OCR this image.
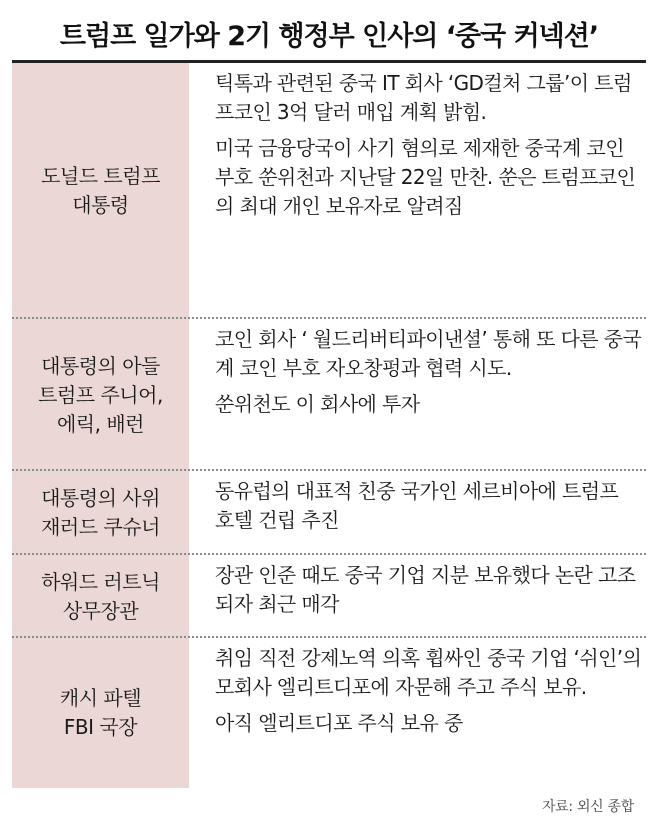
트럼프 일가와 2기 행정부 인사의 ‘중국 커넥션’
도널드 트럼프
대통령

틱톡과 관련된 중국 IT 회사 ‘GD컬처 그룹’이 트럼프코인 3억 달러 매입 계획 밝힘.

미국 금융당국이 사기 혐의로 제재한 중국계 코인 부호 쑨위천과 지난달 22일 만찬. 쑨은 트럼프코인의 최대 개인 보유자로 알려짐

대통령의 아들
트럼프 주니어,
에릭, 배런

코인 회사 ‘ 월드리버티파이낸셜’ 통해 또 다른 중국계 코인 부호 자오창펑과 협력 시도.

쑨위천도 이 회사에 투자

대통령의 사위
재러드 쿠슈너

동유럽의 대표적 친중 국가인 세르비아에 트럼프 호텔 건립 추진

하워드 러트닉
상무장관

장관 인준 때도 중국 기업 지분 보유했다 논란 고조되자 최근 매각

캐시 파텔
FBI 국장

취임 직전 강제노역 의혹 휩싸인 중국 기업 ‘쉬인’의 모회사 엘리트디포에 자문해 주고 주식 보유.

아직 엘리트디포 주식 보유 중

자료: 외신 종합
